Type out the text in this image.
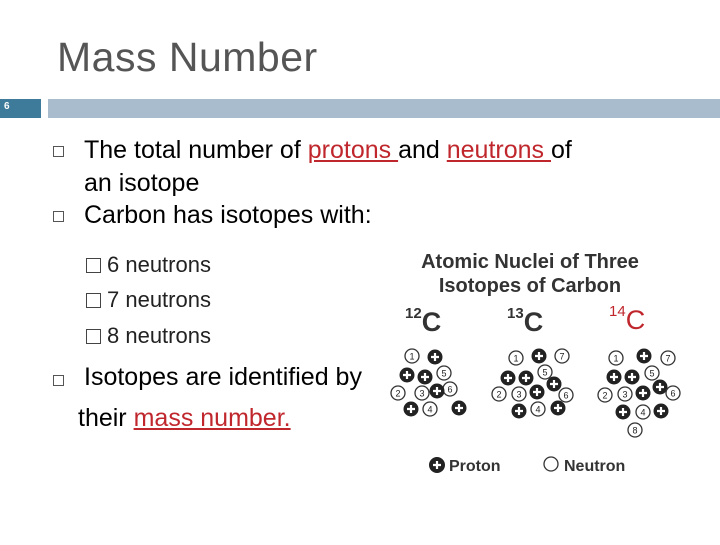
Mass Number
6
The total number of protons and neutrons of
an isotope
Carbon has isotopes with:
6 neutrons
7 neutrons
8 neutrons
Isotopes are identified by
their mass number.
Atomic Nuclei of Three
Isotopes of Carbon
$^{12}$C	$^{13}$C	$^{14}$C
1
2 3
5
6
4
1	7
5
2 3	6
4
1	7
5
2 3	6
4
8
Proton	Neutron
